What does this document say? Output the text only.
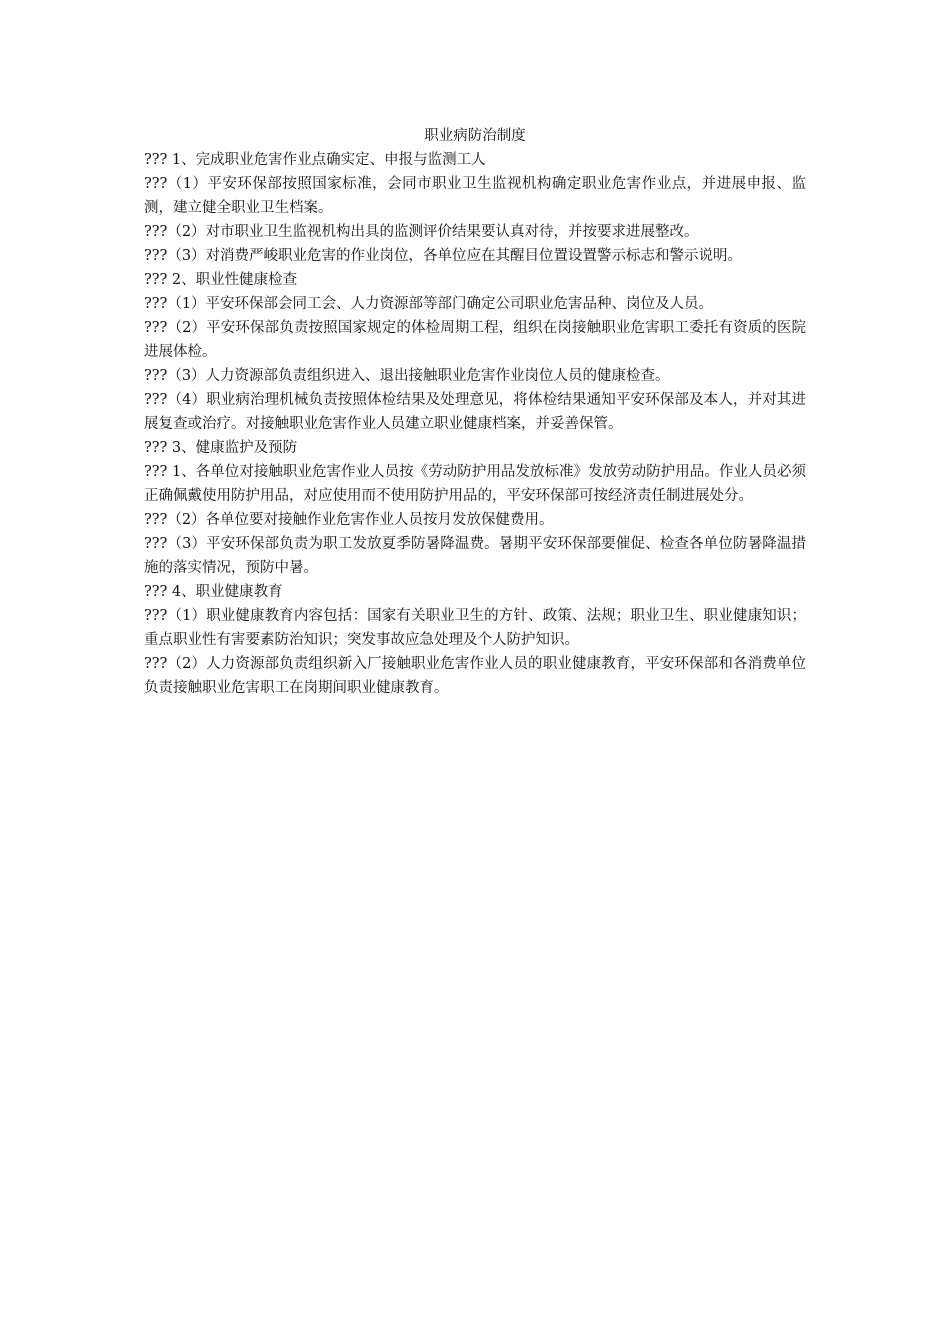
职业病防治制度

??? 1、完成职业危害作业点确实定、申报与监测工人

???（1）平安环保部按照国家标准，会同市职业卫生监视机构确定职业危害作业点，并进展申报、监测，建立健全职业卫生档案。

???（2）对市职业卫生监视机构出具的监测评价结果要认真对待，并按要求进展整改。

???（3）对消费严峻职业危害的作业岗位，各单位应在其醒目位置设置警示标志和警示说明。

??? 2、职业性健康检查

???（1）平安环保部会同工会、人力资源部等部门确定公司职业危害品种、岗位及人员。

???（2）平安环保部负责按照国家规定的体检周期工程，组织在岗接触职业危害职工委托有资质的医院进展体检。

???（3）人力资源部负责组织进入、退出接触职业危害作业岗位人员的健康检查。

???（4）职业病治理机械负责按照体检结果及处理意见，将体检结果通知平安环保部及本人，并对其进展复查或治疗。对接触职业危害作业人员建立职业健康档案，并妥善保管。

??? 3、健康监护及预防

??? 1、各单位对接触职业危害作业人员按《劳动防护用品发放标准》发放劳动防护用品。作业人员必须正确佩戴使用防护用品，对应使用而不使用防护用品的，平安环保部可按经济责任制进展处分。

???（2）各单位要对接触作业危害作业人员按月发放保健费用。

???（3）平安环保部负责为职工发放夏季防暑降温费。暑期平安环保部要催促、检查各单位防暑降温措施的落实情况，预防中暑。

??? 4、职业健康教育

???（1）职业健康教育内容包括：国家有关职业卫生的方针、政策、法规；职业卫生、职业健康知识；重点职业性有害要素防治知识；突发事故应急处理及个人防护知识。

???（2）人力资源部负责组织新入厂接触职业危害作业人员的职业健康教育，平安环保部和各消费单位负责接触职业危害职工在岗期间职业健康教育。
